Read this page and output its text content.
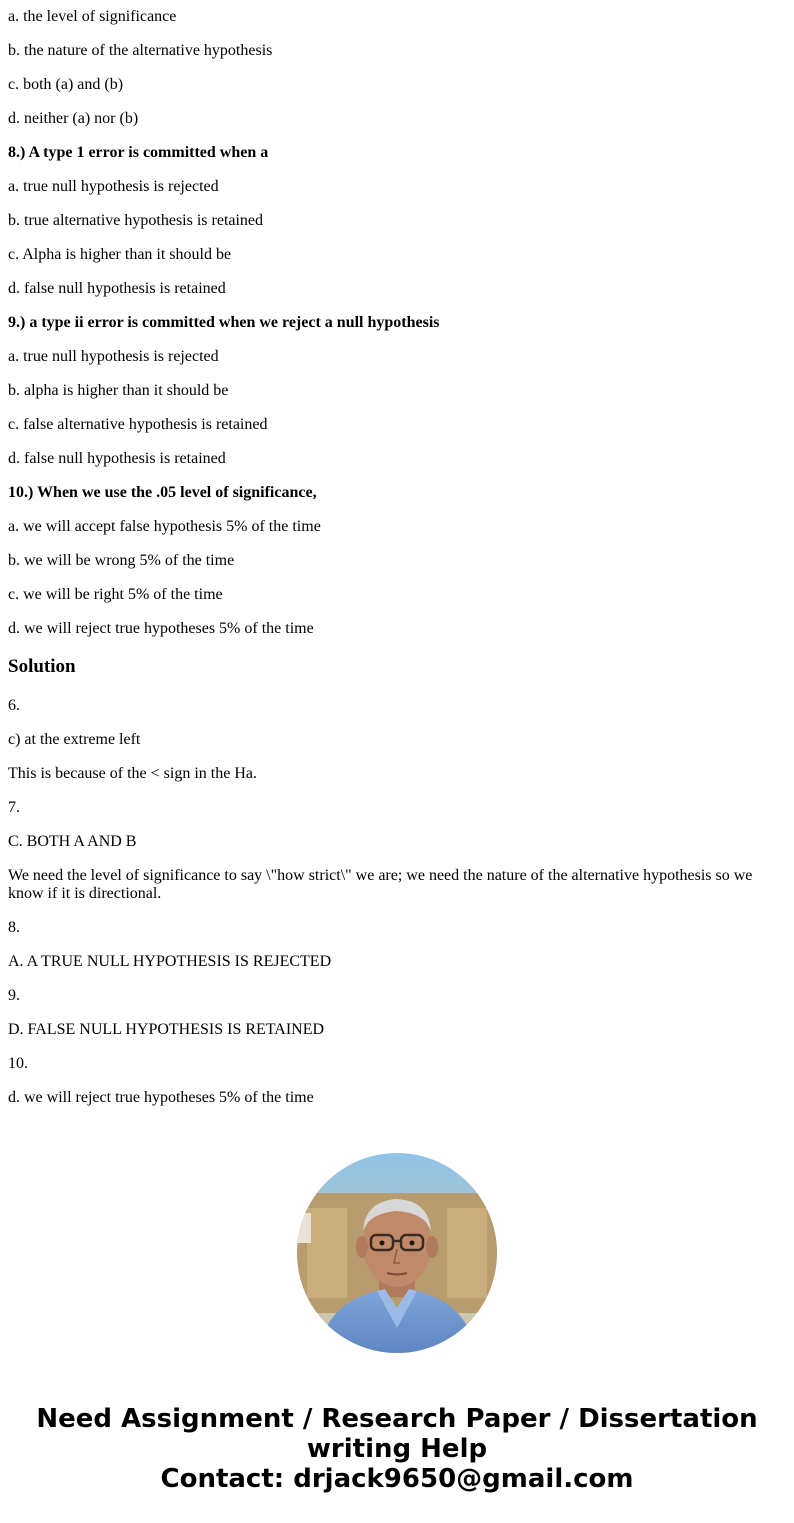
a. the level of significance

b. the nature of the alternative hypothesis

c. both (a) and (b)

d. neither (a) nor (b)

8.) A type 1 error is committed when a

a. true null hypothesis is rejected

b. true alternative hypothesis is retained

c. Alpha is higher than it should be

d. false null hypothesis is retained

9.) a type ii error is committed when we reject a null hypothesis

a. true null hypothesis is rejected

b. alpha is higher than it should be

c. false alternative hypothesis is retained

d. false null hypothesis is retained

10.) When we use the .05 level of significance,

a. we will accept false hypothesis 5% of the time

b. we will be wrong 5% of the time

c. we will be right 5% of the time

d. we will reject true hypotheses 5% of the time

Solution

6.

c) at the extreme left

This is because of the < sign in the Ha.

7.

C. BOTH A AND B

We need the level of significance to say \"how strict\" we are; we need the nature of the alternative hypothesis so we know if it is directional.

8.

A. A TRUE NULL HYPOTHESIS IS REJECTED

9.

D. FALSE NULL HYPOTHESIS IS RETAINED

10.

d. we will reject true hypotheses 5% of the time

Need Assignment / Research Paper / Dissertation
writing Help
Contact: drjack9650@gmail.com
